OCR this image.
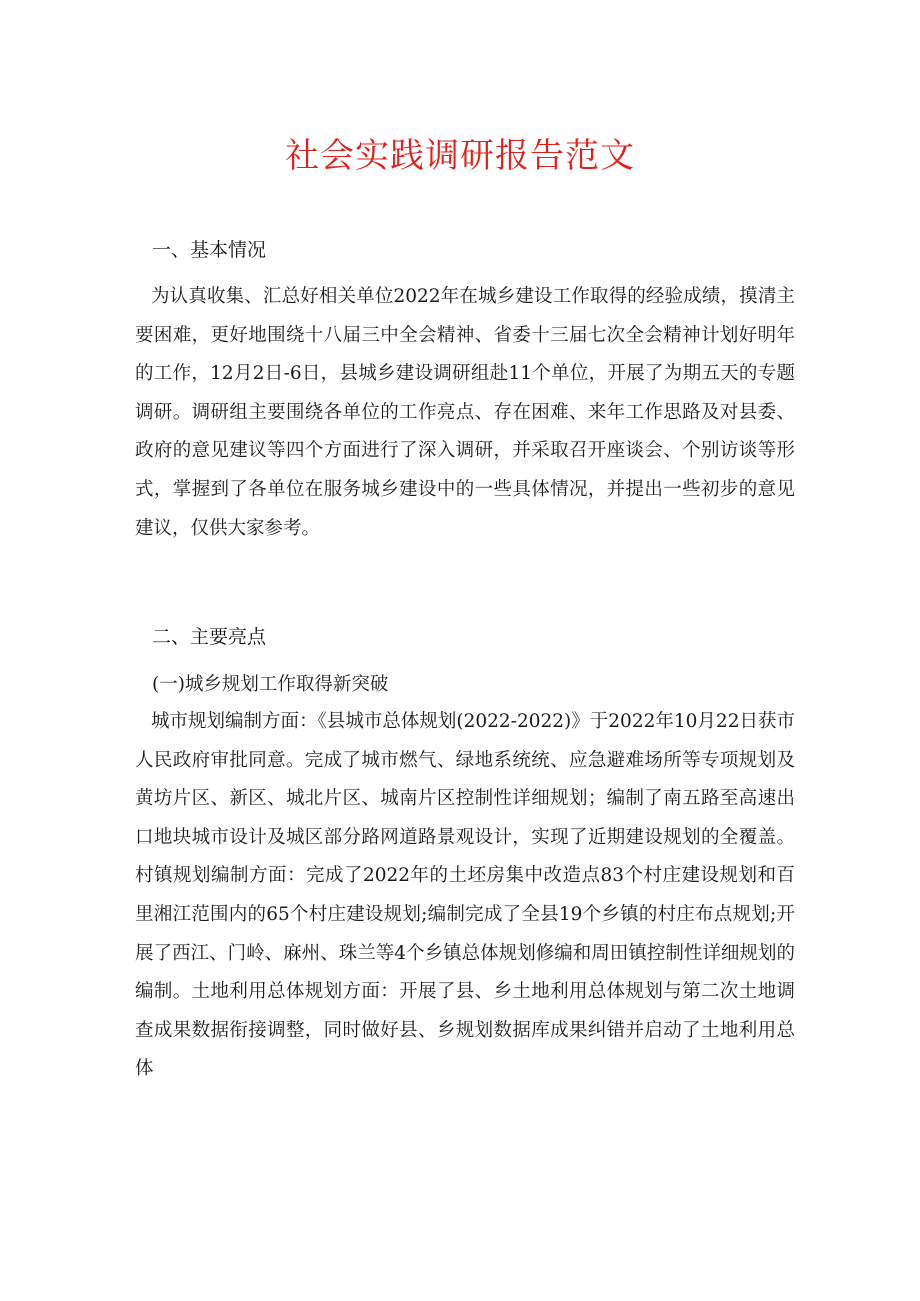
社会实践调研报告范文
一、基本情况

为认真收集、汇总好相关单位2022年在城乡建设工作取得的经验成绩，摸清主要困难，更好地围绕十八届三中全会精神、省委十三届七次全会精神计划好明年的工作，12月2日-6日，县城乡建设调研组赴11个单位，开展了为期五天的专题调研。调研组主要围绕各单位的工作亮点、存在困难、来年工作思路及对县委、政府的意见建议等四个方面进行了深入调研，并采取召开座谈会、个别访谈等形式，掌握到了各单位在服务城乡建设中的一些具体情况，并提出一些初步的意见建议，仅供大家参考。

二、主要亮点

(一)城乡规划工作取得新突破

城市规划编制方面：《县城市总体规划(2022-2022)》于2022年10月22日获市人民政府审批同意。完成了城市燃气、绿地系统统、应急避难场所等专项规划及黄坊片区、新区、城北片区、城南片区控制性详细规划；编制了南五路至高速出口地块城市设计及城区部分路网道路景观设计，实现了近期建设规划的全覆盖。村镇规划编制方面：完成了2022年的土坯房集中改造点83个村庄建设规划和百里湘江范围内的65个村庄建设规划;编制完成了全县19个乡镇的村庄布点规划;开展了西江、门岭、麻州、珠兰等4个乡镇总体规划修编和周田镇控制性详细规划的编制。土地利用总体规划方面：开展了县、乡土地利用总体规划与第二次土地调查成果数据衔接调整，同时做好县、乡规划数据库成果纠错并启动了土地利用总体
